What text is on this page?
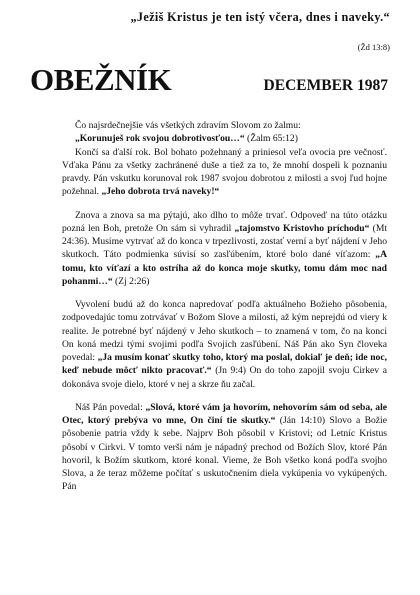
„Ježiš Kristus je ten istý včera, dnes i naveky.“
(Žd 13:8)
OBEŽNÍK	DECEMBER 1987

Čo najsrdečnejšie vás všetkých zdravím Slovom zo žalmu:

„Korunuješ rok svojou dobrotivosťou…“ (Žalm 65:12)

Končí sa ďalší rok. Bol bohato požehnaný a priniesol veľa ovocia pre večnosť. Vďaka Pánu za všetky zachránené duše a tiež za to, že mnohí dospeli k poznaniu pravdy. Pán vskutku korunoval rok 1987 svojou dobrotou z milosti a svoj ľud hojne požehnal. „Jeho dobrota trvá naveky!“

Znova a znova sa ma pýtajú, ako dlho to môže trvať. Odpoveď na túto otázku pozná len Boh, pretože On sám si vyhradil „tajomstvo Kristovho príchodu“ (Mt 24:36). Musíme vytrvať až do konca v trpezlivosti, zostať verní a byť nájdení v Jeho skutkoch. Táto podmienka súvisí so zasľúbením, ktoré bolo dané víťazom: „A tomu, kto víťazí a kto ostríha až do konca moje skutky, tomu dám moc nad pohanmi…“ (Zj 2:26)

Vyvolení budú až do konca napredovať podľa aktuálneho Božieho pôsobenia, zodpovedajúc tomu zotrvávať v Božom Slove a milosti, až kým neprejdú od viery k realite. Je potrebné byť nájdený v Jeho skutkoch – to znamená v tom, čo na konci On koná medzi tými svojimi podľa Svojich zasľúbení. Náš Pán ako Syn človeka povedal: „Ja musím konať skutky toho, ktorý ma poslal, dokiaľ je deň; ide noc, keď nebude môcť nikto pracovať.“ (Jn 9:4) On do toho zapojil svoju Cirkev a dokonáva svoje dielo, ktoré v nej a skrze ňu začal.

Náš Pán povedal: „Slová, ktoré vám ja hovorím, nehovorím sám od seba, ale Otec, ktorý prebýva vo mne, On činí tie skutky.“ (Ján 14:10) Slovo a Božie pôsobenie patria vždy k sebe. Najprv Boh pôsobil v Kristovi; od Letníc Kristus pôsobí v Cirkvi. V tomto verši nám je nápadný prechod od Božích Slov, ktoré Pán hovoril, k Božím skutkom, ktoré konal. Vieme, že Boh všetko koná podľa svojho Slova, a že teraz môžeme počítať s uskutočnením diela vykúpenia vo vykúpených. Pán
